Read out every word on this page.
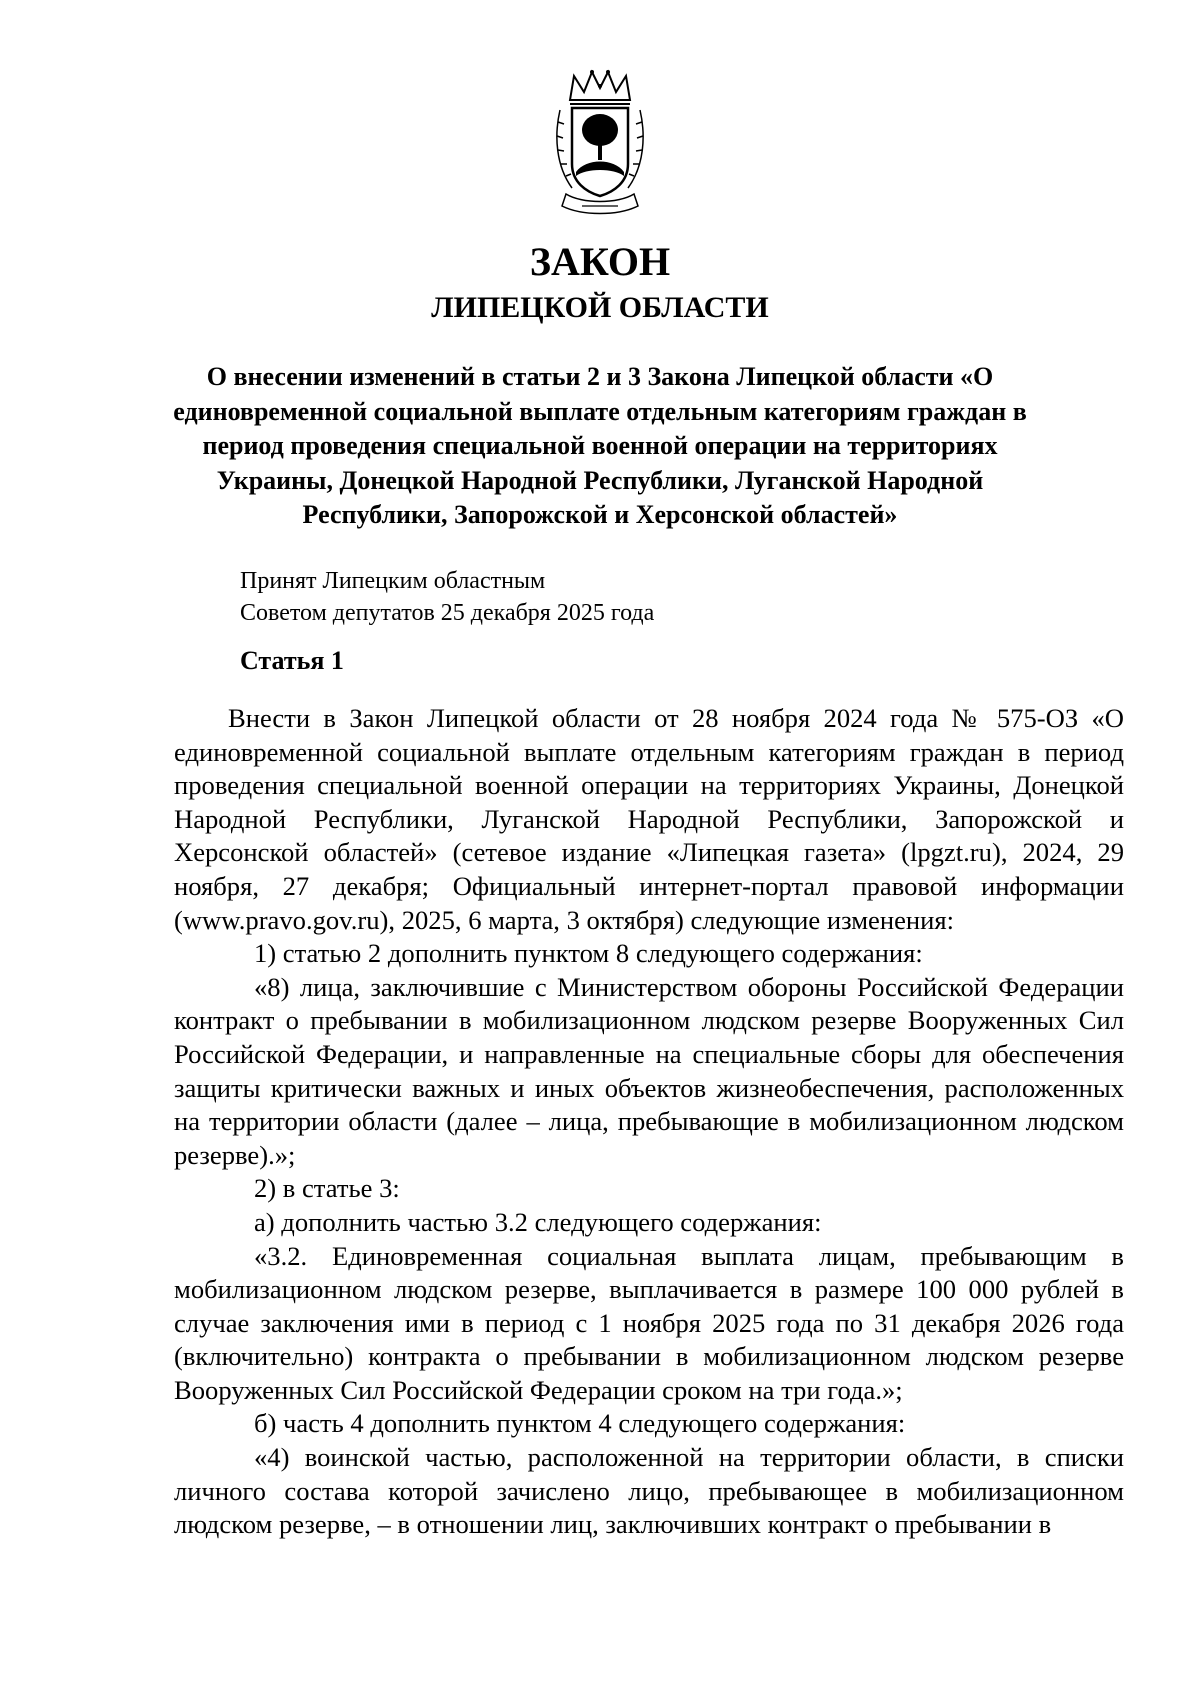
ЗАКОН
ЛИПЕЦКОЙ ОБЛАСТИ
О внесении изменений в статьи 2 и 3 Закона Липецкой области «О единовременной социальной выплате отдельным категориям граждан в период проведения специальной военной операции на территориях Украины, Донецкой Народной Республики, Луганской Народной Республики, Запорожской и Херсонской областей»
Принят Липецким областным
Советом депутатов 25 декабря 2025 года
Статья 1

Внести в Закон Липецкой области от 28 ноября 2024 года № 575-ОЗ «О единовременной социальной выплате отдельным категориям граждан в период проведения специальной военной операции на территориях Украины, Донецкой Народной Республики, Луганской Народной Республики, Запорожской и Херсонской областей» (сетевое издание «Липецкая газета» (lpgzt.ru), 2024, 29 ноября, 27 декабря; Официальный интернет-портал правовой информации (www.pravo.gov.ru), 2025, 6 марта, 3 октября) следующие изменения:

1) статью 2 дополнить пунктом 8 следующего содержания:

«8) лица, заключившие с Министерством обороны Российской Федерации контракт о пребывании в мобилизационном людском резерве Вооруженных Сил Российской Федерации, и направленные на специальные сборы для обеспечения защиты критически важных и иных объектов жизнеобеспечения, расположенных на территории области (далее – лица, пребывающие в мобилизационном людском резерве).»;

2) в статье 3:

а) дополнить частью 3.2 следующего содержания:

«3.2. Единовременная социальная выплата лицам, пребывающим в мобилизационном людском резерве, выплачивается в размере 100 000 рублей в случае заключения ими в период с 1 ноября 2025 года по 31 декабря 2026 года (включительно) контракта о пребывании в мобилизационном людском резерве Вооруженных Сил Российской Федерации сроком на три года.»;

б) часть 4 дополнить пунктом 4 следующего содержания:

«4) воинской частью, расположенной на территории области, в списки личного состава которой зачислено лицо, пребывающее в мобилизационном людском резерве, – в отношении лиц, заключивших контракт о пребывании в
